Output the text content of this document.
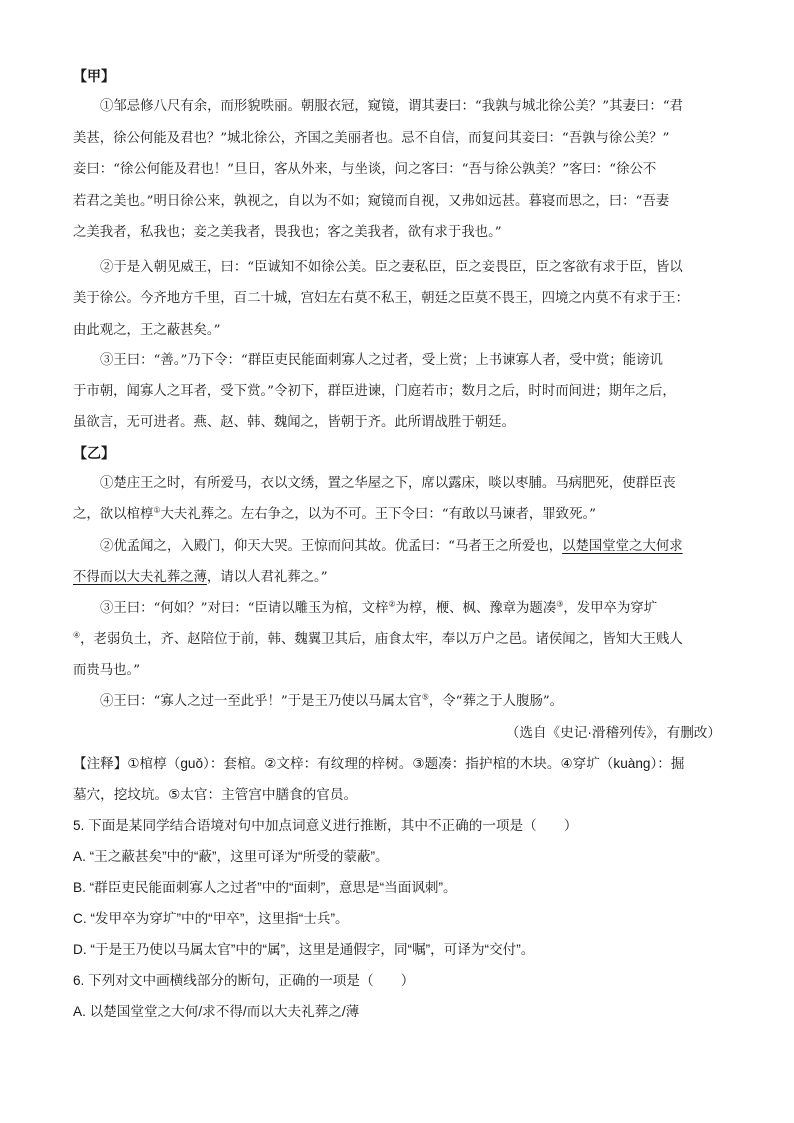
【甲】
①邹忌修八尺有余，而形貌昳丽。朝服衣冠，窥镜，谓其妻曰：“我孰与城北徐公美？”其妻曰：“君
美甚，徐公何能及君也？”城北徐公，齐国之美丽者也。忌不自信，而复问其妾曰：“吾孰与徐公美？”
妾曰：“徐公何能及君也！”旦日，客从外来，与坐谈，问之客曰：“吾与徐公孰美？”客曰：“徐公不
若君之美也。”明日徐公来，孰视之，自以为不如；窥镜而自视，又弗如远甚。暮寝而思之，曰：“吾妻
之美我者，私我也；妾之美我者，畏我也；客之美我者，欲有求于我也。”
②于是入朝见威王，曰：“臣诚知不如徐公美。臣之妻私臣，臣之妾畏臣，臣之客欲有求于臣，皆以
美于徐公。今齐地方千里，百二十城，宫妇左右莫不私王，朝廷之臣莫不畏王，四境之内莫不有求于王：
由此观之，王之蔽甚矣。”
③王曰：“善。”乃下令：“群臣吏民能面刺寡人之过者，受上赏；上书谏寡人者，受中赏；能谤讥
于市朝，闻寡人之耳者，受下赏。”令初下，群臣进谏，门庭若市；数月之后，时时而间进；期年之后，
虽欲言，无可进者。燕、赵、韩、魏闻之，皆朝于齐。此所谓战胜于朝廷。
【乙】
①楚庄王之时，有所爱马，衣以文绣，置之华屋之下，席以露床，啖以枣脯。马病肥死，使群臣丧
之，欲以棺椁①大夫礼葬之。左右争之，以为不可。王下令曰：“有敢以马谏者，罪致死。”
②优孟闻之，入殿门，仰天大哭。王惊而问其故。优孟曰：“马者王之所爱也，以楚国堂堂之大何求
不得而以大夫礼葬之薄，请以人君礼葬之。”
③王曰：“何如？”对曰：“臣请以雕玉为棺，文梓②为椁，楩、枫、豫章为题凑③，发甲卒为穿圹
④，老弱负土，齐、赵陪位于前，韩、魏翼卫其后，庙食太牢，奉以万户之邑。诸侯闻之，皆知大王贱人
而贵马也。”
④王曰：“寡人之过一至此乎！”于是王乃使以马属太官⑤，令“葬之于人腹肠”。
（选自《史记·滑稽列传》，有删改）
【注释】①棺椁（guǒ）：套棺。②文梓：有纹理的梓树。③题凑：指护棺的木块。④穿圹（kuàng）：掘
墓穴，挖坟坑。⑤太官：主管宫中膳食的官员。
5. 下面是某同学结合语境对句中加点词意义进行推断，其中不正确的一项是（　　）
A. “王之蔽甚矣”中的“蔽”，这里可译为“所受的蒙蔽”。
B. “群臣吏民能面刺寡人之过者”中的“面刺”，意思是“当面讽刺”。
C. “发甲卒为穿圹”中的“甲卒”，这里指“士兵”。
D. “于是王乃使以马属太官”中的“属”，这里是通假字，同“嘱”，可译为“交付”。
6. 下列对文中画横线部分的断句，正确的一项是（　　）
A. 以楚国堂堂之大何/求不得/而以大夫礼葬之/薄
